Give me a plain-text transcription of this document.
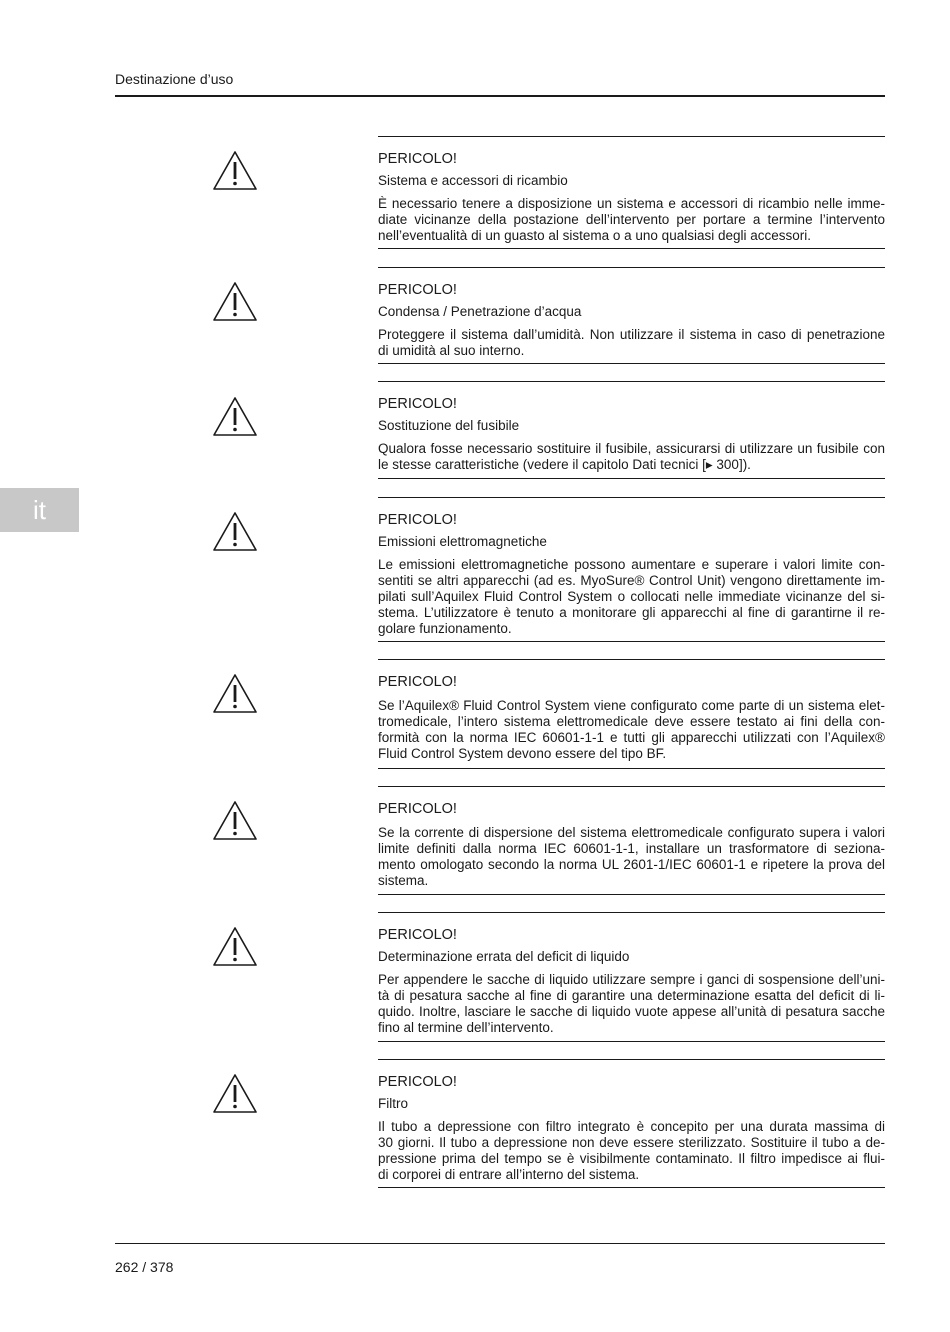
Destinazione d’uso
it
PERICOLO!
Sistema e accessori di ricambio
È necessario tenere a disposizione un sistema e accessori di ricambio nelle imme-
diate vicinanze della postazione dell’intervento per portare a termine l’intervento
nell’eventualità di un guasto al sistema o a uno qualsiasi degli accessori.
PERICOLO!
Condensa / Penetrazione d’acqua
Proteggere il sistema dall’umidità. Non utilizzare il sistema in caso di penetrazione
di umidità al suo interno.
PERICOLO!
Sostituzione del fusibile
Qualora fosse necessario sostituire il fusibile, assicurarsi di utilizzare un fusibile con
le stesse caratteristiche (vedere il capitolo Dati tecnici [▸ 300]).
PERICOLO!
Emissioni elettromagnetiche
Le emissioni elettromagnetiche possono aumentare e superare i valori limite con-
sentiti se altri apparecchi (ad es. MyoSure® Control Unit) vengono direttamente im-
pilati sull’Aquilex Fluid Control System o collocati nelle immediate vicinanze del si-
stema. L’utilizzatore è tenuto a monitorare gli apparecchi al fine di garantirne il re-
golare funzionamento.
PERICOLO!
Se l’Aquilex® Fluid Control System viene configurato come parte di un sistema elet-
tromedicale, l’intero sistema elettromedicale deve essere testato ai fini della con-
formità con la norma IEC 60601-1-1 e tutti gli apparecchi utilizzati con l’Aquilex®
Fluid Control System devono essere del tipo BF.
PERICOLO!
Se la corrente di dispersione del sistema elettromedicale configurato supera i valori
limite definiti dalla norma IEC 60601-1-1, installare un trasformatore di seziona-
mento omologato secondo la norma UL 2601-1/IEC 60601-1 e ripetere la prova del
sistema.
PERICOLO!
Determinazione errata del deficit di liquido
Per appendere le sacche di liquido utilizzare sempre i ganci di sospensione dell’uni-
tà di pesatura sacche al fine di garantire una determinazione esatta del deficit di li-
quido. Inoltre, lasciare le sacche di liquido vuote appese all’unità di pesatura sacche
fino al termine dell’intervento.
PERICOLO!
Filtro
Il tubo a depressione con filtro integrato è concepito per una durata massima di
30 giorni. Il tubo a depressione non deve essere sterilizzato. Sostituire il tubo a de-
pressione prima del tempo se è visibilmente contaminato. Il filtro impedisce ai flui-
di corporei di entrare all’interno del sistema.
262 / 378
